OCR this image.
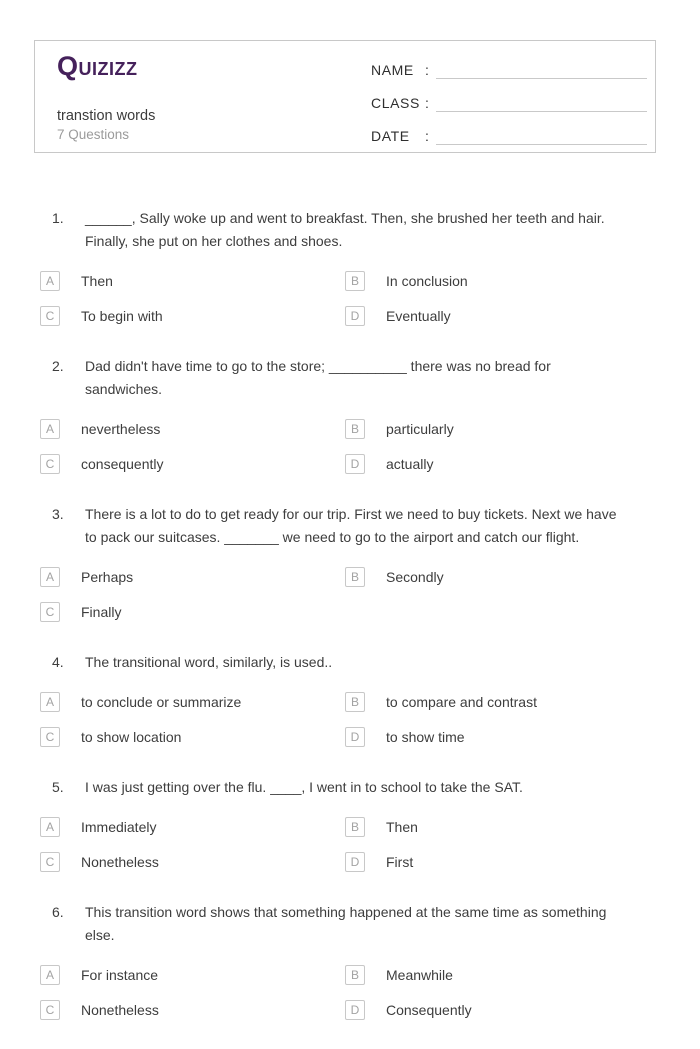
QUIZIZZ
transtion words
7 Questions
NAME :
CLASS :
DATE	:
1.	______, Sally woke up and went to breakfast. Then, she brushed her teeth and hair. Finally, she put on her clothes and shoes.
A	Then	B	In conclusion
C	To begin with	D	Eventually
2.	Dad didn't have time to go to the store; __________ there was no bread for sandwiches.
A	nevertheless	B	particularly
C	consequently	D	actually
3.	There is a lot to do to get ready for our trip. First we need to buy tickets. Next we have to pack our suitcases. _______ we need to go to the airport and catch our flight.
A	Perhaps	B	Secondly
C	Finally
4.	The transitional word, similarly, is used..
A	to conclude or summarize	B	to compare and contrast
C	to show location	D	to show time
5.	I was just getting over the flu. ____, I went in to school to take the SAT.
A	Immediately	B	Then
C	Nonetheless	D	First
6.	This transition word shows that something happened at the same time as something else.
A	For instance	B	Meanwhile
C	Nonetheless	D	Consequently
